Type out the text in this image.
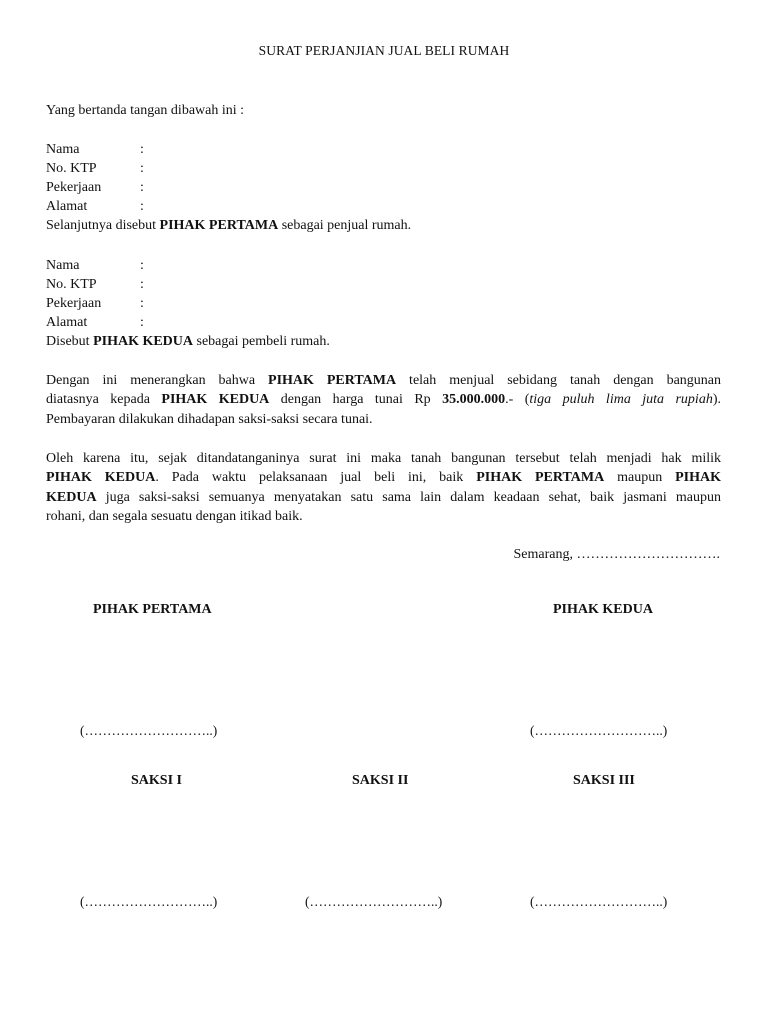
SURAT PERJANJIAN JUAL BELI RUMAH
Yang bertanda tangan dibawah ini :
Nama	:
No. KTP	:
Pekerjaan	:
Alamat	:
Selanjutnya disebut PIHAK PERTAMA sebagai penjual rumah.
Nama	:
No. KTP	:
Pekerjaan	:
Alamat	:
Disebut PIHAK KEDUA sebagai pembeli rumah.
Dengan ini menerangkan bahwa PIHAK PERTAMA telah menjual sebidang tanah dengan bangunan
diatasnya kepada PIHAK KEDUA dengan harga tunai Rp 35.000.000.- (tiga puluh lima juta rupiah).
Pembayaran dilakukan dihadapan saksi-saksi secara tunai.
Oleh karena itu, sejak ditandatanganinya surat ini maka tanah bangunan tersebut telah menjadi hak milik
PIHAK KEDUA. Pada waktu pelaksanaan jual beli ini, baik PIHAK PERTAMA maupun PIHAK
KEDUA juga saksi-saksi semuanya menyatakan satu sama lain dalam keadaan sehat, baik jasmani maupun
rohani, dan segala sesuatu dengan itikad baik.
Semarang, ………………………….
PIHAK PERTAMA	PIHAK KEDUA
(………………………..)	(………………………..)
SAKSI I	SAKSI II	SAKSI III
(………………………..)	(………………………..)	(………………………..)
